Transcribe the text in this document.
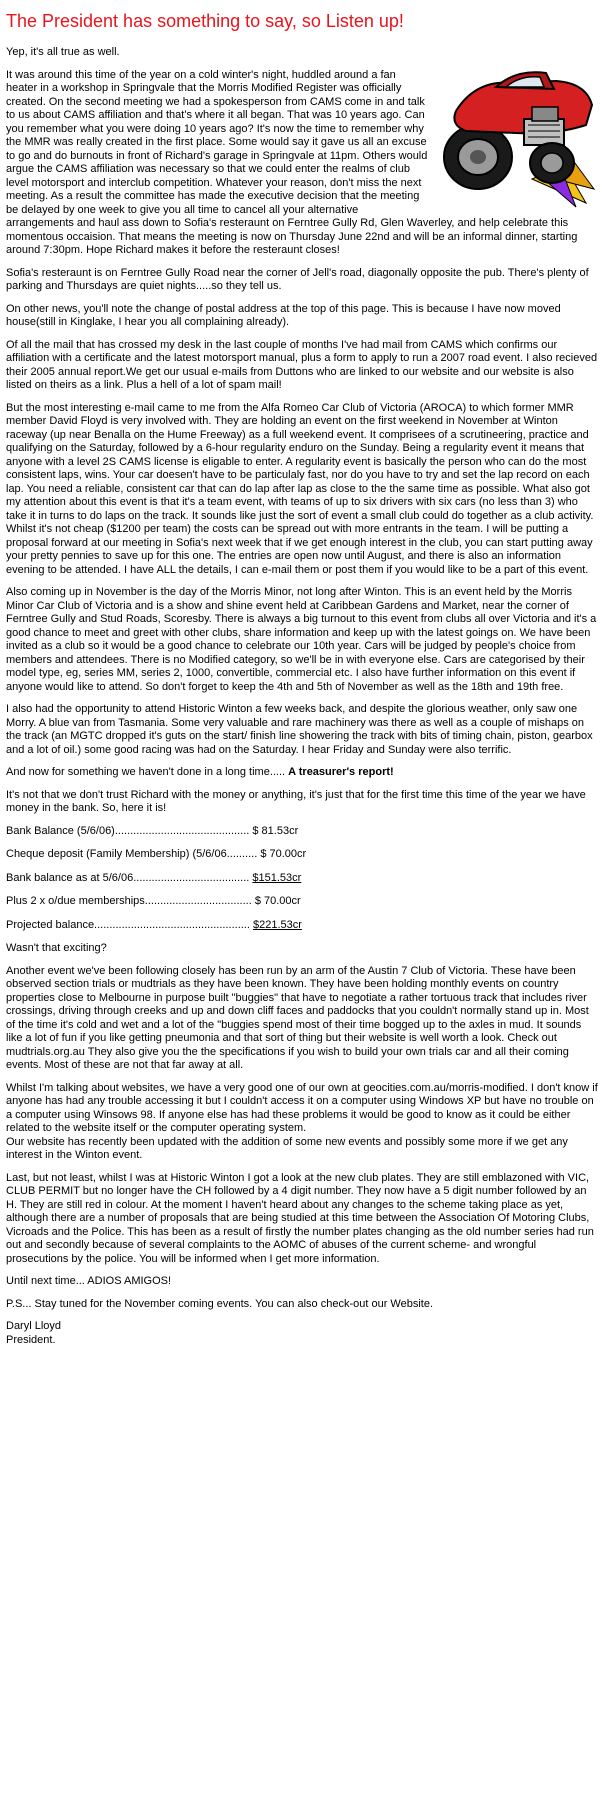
The President has something to say, so Listen up!

Yep, it's all true as well.

It was around this time of the year on a cold winter's night, huddled around a fan heater in a workshop in Springvale that the Morris Modified Register was officially created. On the second meeting we had a spokesperson from CAMS come in and talk to us about CAMS affiliation and that's where it all began. That was 10 years ago. Can you remember what you were doing 10 years ago? It's now the time to remember why the MMR was really created in the first place. Some would say it gave us all an excuse to go and do burnouts in front of Richard's garage in Springvale at 11pm. Others would argue the CAMS affiliation was necessary so that we could enter the realms of club level motorsport and interclub competition. Whatever your reason, don't miss the next meeting. As a result the committee has made the executive decision that the meeting be delayed by one week to give you all time to cancel all your alternative arrangements and haul ass down to Sofia's resteraunt on Ferntree Gully Rd, Glen Waverley, and help celebrate this momentous occaision. That means the meeting is now on Thursday June 22nd and will be an informal dinner, starting around 7:30pm. Hope Richard makes it before the resteraunt closes!

Sofia's resteraunt is on Ferntree Gully Road near the corner of Jell's road, diagonally opposite the pub. There's plenty of parking and Thursdays are quiet nights.....so they tell us.

On other news, you'll note the change of postal address at the top of this page. This is because I have now moved house(still in Kinglake, I hear you all complaining already).

Of all the mail that has crossed my desk in the last couple of months I've had mail from CAMS which confirms our affiliation with a certificate and the latest motorsport manual, plus a form to apply to run a 2007 road event. I also recieved their 2005 annual report.We get our usual e-mails from Duttons who are linked to our website and our website is also listed on theirs as a link. Plus a hell of a lot of spam mail!

But the most interesting e-mail came to me from the Alfa Romeo Car Club of Victoria (AROCA) to which former MMR member David Floyd is very involved with. They are holding an event on the first weekend in November at Winton raceway (up near Benalla on the Hume Freeway) as a full weekend event. It comprisees of a scrutineering, practice and qualifying on the Saturday, followed by a 6-hour regularity enduro on the Sunday. Being a regularity event it means that anyone with a level 2S CAMS license is eligable to enter. A regularity event is basically the person who can do the most consistent laps, wins. Your car doesen't have to be particulaly fast, nor do you have to try and set the lap record on each lap. You need a reliable, consistent car that can do lap after lap as close to the the same time as possible. What also got my attention about this event is that it's a team event, with teams of up to six drivers with six cars (no less than 3) who take it in turns to do laps on the track. It sounds like just the sort of event a small club could do together as a club activity. Whilst it's not cheap ($1200 per team) the costs can be spread out with more entrants in the team. I will be putting a proposal forward at our meeting in Sofia's next week that if we get enough interest in the club, you can start putting away your pretty pennies to save up for this one. The entries are open now until August, and there is also an information evening to be attended. I have ALL the details, I can e-mail them or post them if you would like to be a part of this event.

Also coming up in November is the day of the Morris Minor, not long after Winton. This is an event held by the Morris Minor Car Club of Victoria and is a show and shine event held at Caribbean Gardens and Market, near the corner of Ferntree Gully and Stud Roads, Scoresby. There is always a big turnout to this event from clubs all over Victoria and it's a good chance to meet and greet with other clubs, share information and keep up with the latest goings on. We have been invited as a club so it would be a good chance to celebrate our 10th year. Cars will be judged by people's choice from members and attendees. There is no Modified category, so we'll be in with everyone else. Cars are categorised by their model type, eg, series MM, series 2, 1000, convertible, commercial etc. I also have further information on this event if anyone would like to attend. So don't forget to keep the 4th and 5th of November as well as the 18th and 19th free.

I also had the opportunity to attend Historic Winton a few weeks back, and despite the glorious weather, only saw one Morry. A blue van from Tasmania. Some very valuable and rare machinery was there as well as a couple of mishaps on the track (an MGTC dropped it's guts on the start/ finish line showering the track with bits of timing chain, piston, gearbox and a lot of oil.) some good racing was had on the Saturday. I hear Friday and Sunday were also terrific.

And now for something we haven't done in a long time..... A treasurer's report!

It's not that we don't trust Richard with the money or anything, it's just that for the first time this time of the year we have money in the bank. So, here it is!

Bank Balance (5/6/06)............................................ $ 81.53cr
Cheque deposit (Family Membership) (5/6/06.......... $ 70.00cr
Bank balance as at 5/6/06...................................... $151.53cr
Plus 2 x o/due memberships................................... $ 70.00cr
Projected balance................................................... $221.53cr

Wasn't that exciting?

Another event we've been following closely has been run by an arm of the Austin 7 Club of Victoria. These have been observed section trials or mudtrials as they have been known. They have been holding monthly events on country properties close to Melbourne in purpose built "buggies" that have to negotiate a rather tortuous track that includes river crossings, driving through creeks and up and down cliff faces and paddocks that you couldn't normally stand up in. Most of the time it's cold and wet and a lot of the "buggies spend most of their time bogged up to the axles in mud. It sounds like a lot of fun if you like getting pneumonia and that sort of thing but their website is well worth a look. Check out mudtrials.org.au They also give you the the specifications if you wish to build your own trials car and all their coming events. Most of these are not that far away at all.

Whilst I'm talking about websites, we have a very good one of our own at geocities.com.au/morris-modified. I don't know if anyone has had any trouble accessing it but I couldn't access it on a computer using Windows XP but have no trouble on a computer using Winsows 98. If anyone else has had these problems it would be good to know as it could be either related to the website itself or the computer operating system.

Our website has recently been updated with the addition of some new events and possibly some more if we get any interest in the Winton event.

Last, but not least, whilst I was at Historic Winton I got a look at the new club plates. They are still emblazoned with VIC, CLUB PERMIT but no longer have the CH followed by a 4 digit number. They now have a 5 digit number followed by an H. They are still red in colour. At the moment I haven't heard about any changes to the scheme taking place as yet, although there are a number of proposals that are being studied at this time between the Association Of Motoring Clubs, Vicroads and the Police. This has been as a result of firstly the number plates changing as the old number series had run out and secondly because of several complaints to the AOMC of abuses of the current scheme- and wrongful prosecutions by the police. You will be informed when I get more information.

Until next time... ADIOS AMIGOS!

P.S... Stay tuned for the November coming events. You can also check-out our Website.

Daryl Lloyd
President.
